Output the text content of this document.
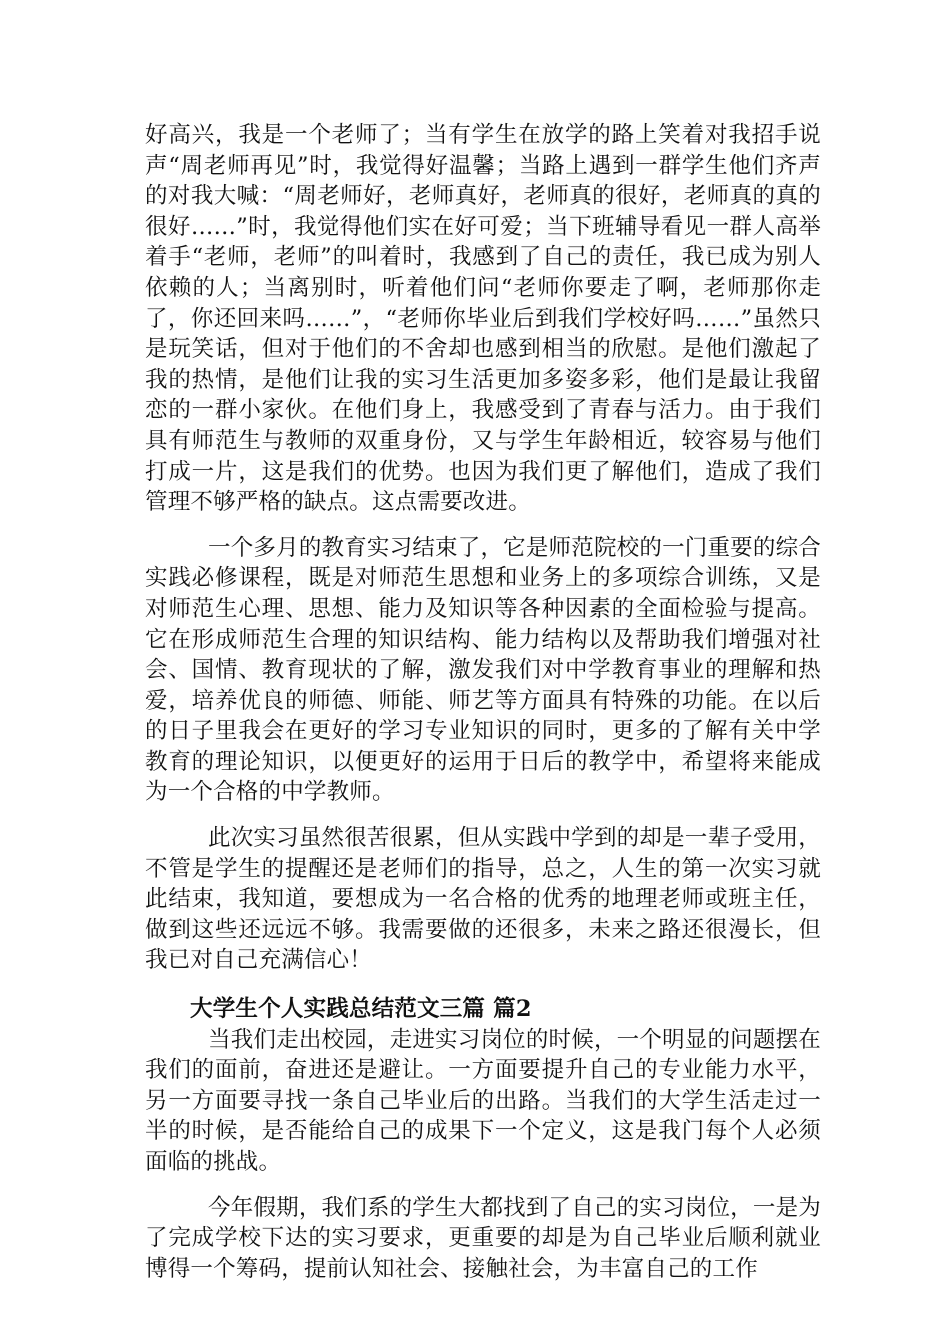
好高兴，我是一个老师了；当有学生在放学的路上笑着对我招手说声“周老师再见”时，我觉得好温馨；当路上遇到一群学生他们齐声的对我大喊：“周老师好，老师真好，老师真的很好，老师真的真的很好……”时，我觉得他们实在好可爱；当下班辅导看见一群人高举着手“老师，老师”的叫着时，我感到了自己的责任，我已成为别人依赖的人；当离别时，听着他们问“老师你要走了啊，老师那你走了，你还回来吗……”，“老师你毕业后到我们学校好吗……”虽然只是玩笑话，但对于他们的不舍却也感到相当的欣慰。是他们激起了我的热情，是他们让我的实习生活更加多姿多彩，他们是最让我留恋的一群小家伙。在他们身上，我感受到了青春与活力。由于我们具有师范生与教师的双重身份，又与学生年龄相近，较容易与他们打成一片，这是我们的优势。也因为我们更了解他们，造成了我们管理不够严格的缺点。这点需要改进。

一个多月的教育实习结束了，它是师范院校的一门重要的综合实践必修课程，既是对师范生思想和业务上的多项综合训练，又是对师范生心理、思想、能力及知识等各种因素的全面检验与提高。它在形成师范生合理的知识结构、能力结构以及帮助我们增强对社会、国情、教育现状的了解，激发我们对中学教育事业的理解和热爱，培养优良的师德、师能、师艺等方面具有特殊的功能。在以后的日子里我会在更好的学习专业知识的同时，更多的了解有关中学教育的理论知识，以便更好的运用于日后的教学中，希望将来能成为一个合格的中学教师。

此次实习虽然很苦很累，但从实践中学到的却是一辈子受用，不管是学生的提醒还是老师们的指导，总之，人生的第一次实习就此结束，我知道，要想成为一名合格的优秀的地理老师或班主任，做到这些还远远不够。我需要做的还很多，未来之路还很漫长，但我已对自己充满信心！

大学生个人实践总结范文三篇 篇2

当我们走出校园，走进实习岗位的时候，一个明显的问题摆在我们的面前，奋进还是避让。一方面要提升自己的专业能力水平，另一方面要寻找一条自己毕业后的出路。当我们的大学生活走过一半的时候，是否能给自己的成果下一个定义，这是我门每个人必须面临的挑战。

今年假期，我们系的学生大都找到了自己的实习岗位，一是为了完成学校下达的实习要求，更重要的却是为自己毕业后顺利就业博得一个筹码，提前认知社会、接触社会，为丰富自己的工作
